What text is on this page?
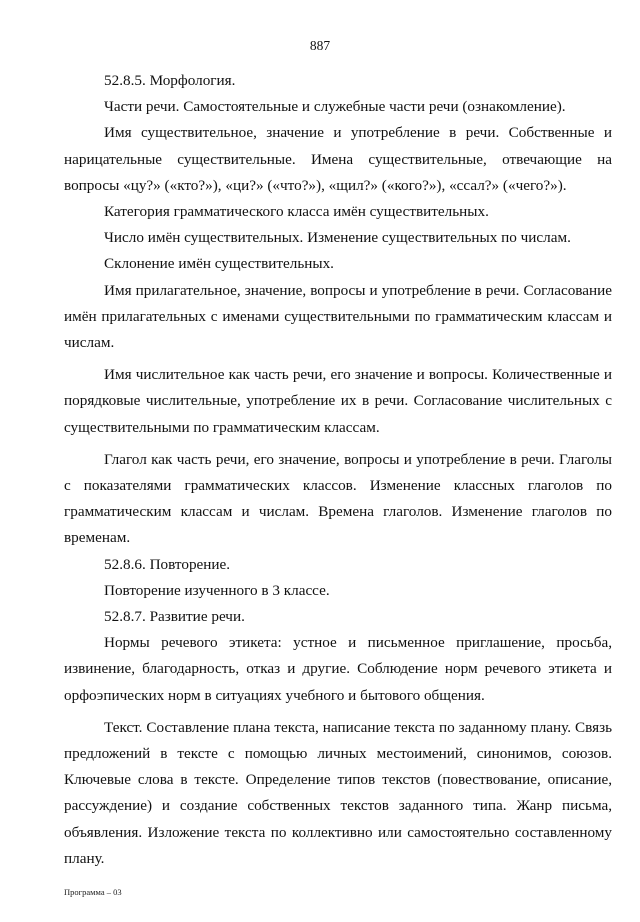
887

52.8.5. Морфология.

Части речи. Самостоятельные и служебные части речи (ознакомление).

Имя существительное, значение и употребление в речи. Собственные и нарицательные существительные. Имена существительные, отвечающие на вопросы «цу?» («кто?»), «ци?» («что?»), «щил?» («кого?»), «ссал?» («чего?»).

Категория грамматического класса имён существительных.

Число имён существительных. Изменение существительных по числам.

Склонение имён существительных.

Имя прилагательное, значение, вопросы и употребление в речи. Согласование имён прилагательных с именами существительными по грамматическим классам и числам.

Имя числительное как часть речи, его значение и вопросы. Количественные и порядковые числительные, употребление их в речи. Согласование числительных с существительными по грамматическим классам.

Глагол как часть речи, его значение, вопросы и употребление в речи. Глаголы с показателями грамматических классов. Изменение классных глаголов по грамматическим классам и числам. Времена глаголов. Изменение глаголов по временам.

52.8.6. Повторение.

Повторение изученного в 3 классе.

52.8.7. Развитие речи.

Нормы речевого этикета: устное и письменное приглашение, просьба, извинение, благодарность, отказ и другие. Соблюдение норм речевого этикета и орфоэпических норм в ситуациях учебного и бытового общения.

Текст. Составление плана текста, написание текста по заданному плану. Связь предложений в тексте с помощью личных местоимений, синонимов, союзов. Ключевые слова в тексте. Определение типов текстов (повествование, описание, рассуждение) и создание собственных текстов заданного типа. Жанр письма, объявления. Изложение текста по коллективно или самостоятельно составленному плану.

Программа – 03
